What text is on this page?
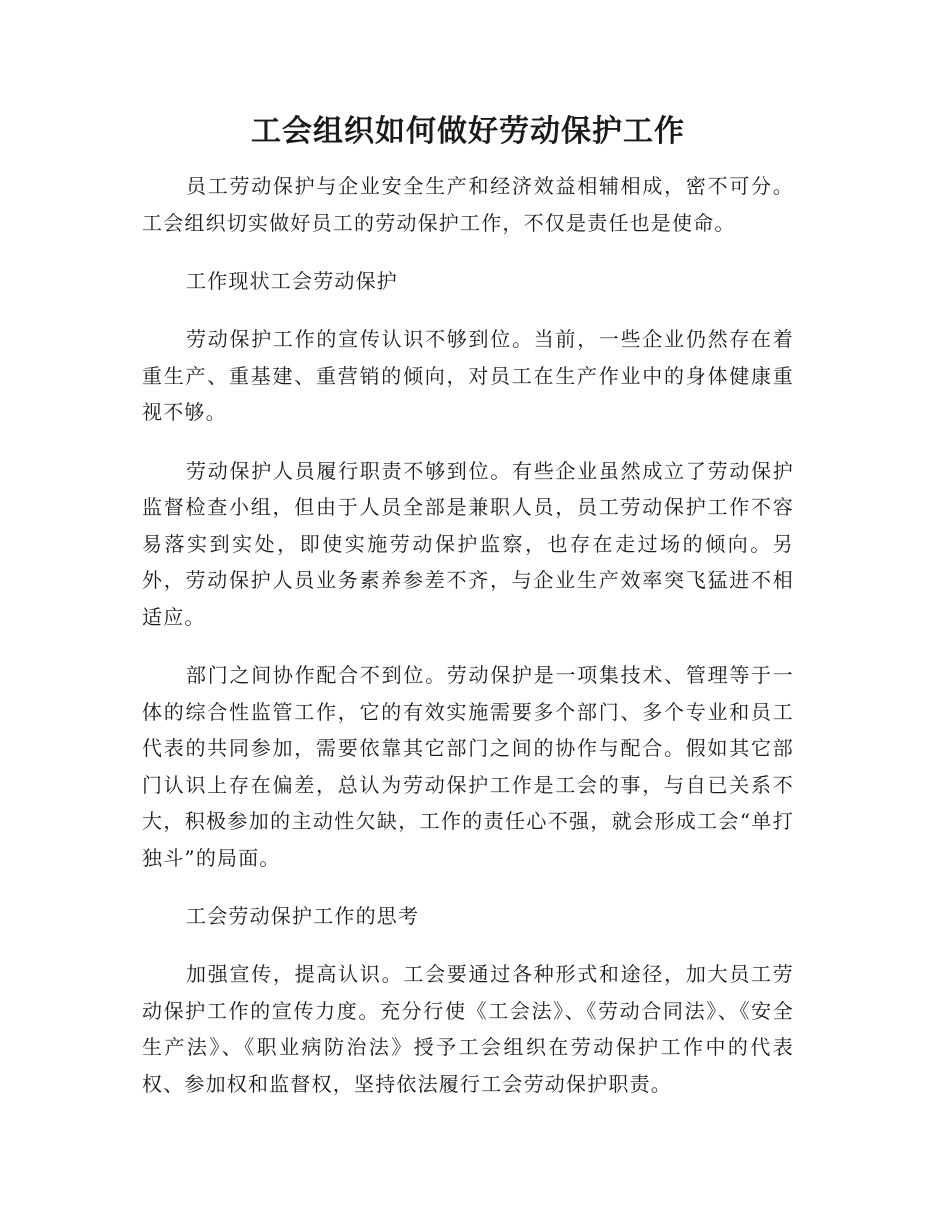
工会组织如何做好劳动保护工作

员工劳动保护与企业安全生产和经济效益相辅相成，密不可分。工会组织切实做好员工的劳动保护工作，不仅是责任也是使命。

工作现状工会劳动保护

劳动保护工作的宣传认识不够到位。当前，一些企业仍然存在着重生产、重基建、重营销的倾向，对员工在生产作业中的身体健康重视不够。

劳动保护人员履行职责不够到位。有些企业虽然成立了劳动保护监督检查小组，但由于人员全部是兼职人员，员工劳动保护工作不容易落实到实处，即使实施劳动保护监察，也存在走过场的倾向。另外，劳动保护人员业务素养参差不齐，与企业生产效率突飞猛进不相适应。

部门之间协作配合不到位。劳动保护是一项集技术、管理等于一体的综合性监管工作，它的有效实施需要多个部门、多个专业和员工代表的共同参加，需要依靠其它部门之间的协作与配合。假如其它部门认识上存在偏差，总认为劳动保护工作是工会的事，与自已关系不大，积极参加的主动性欠缺，工作的责任心不强，就会形成工会“单打独斗”的局面。

工会劳动保护工作的思考

加强宣传，提高认识。工会要通过各种形式和途径，加大员工劳动保护工作的宣传力度。充分行使《工会法》、《劳动合同法》、《安全生产法》、《职业病防治法》授予工会组织在劳动保护工作中的代表权、参加权和监督权，坚持依法履行工会劳动保护职责。
